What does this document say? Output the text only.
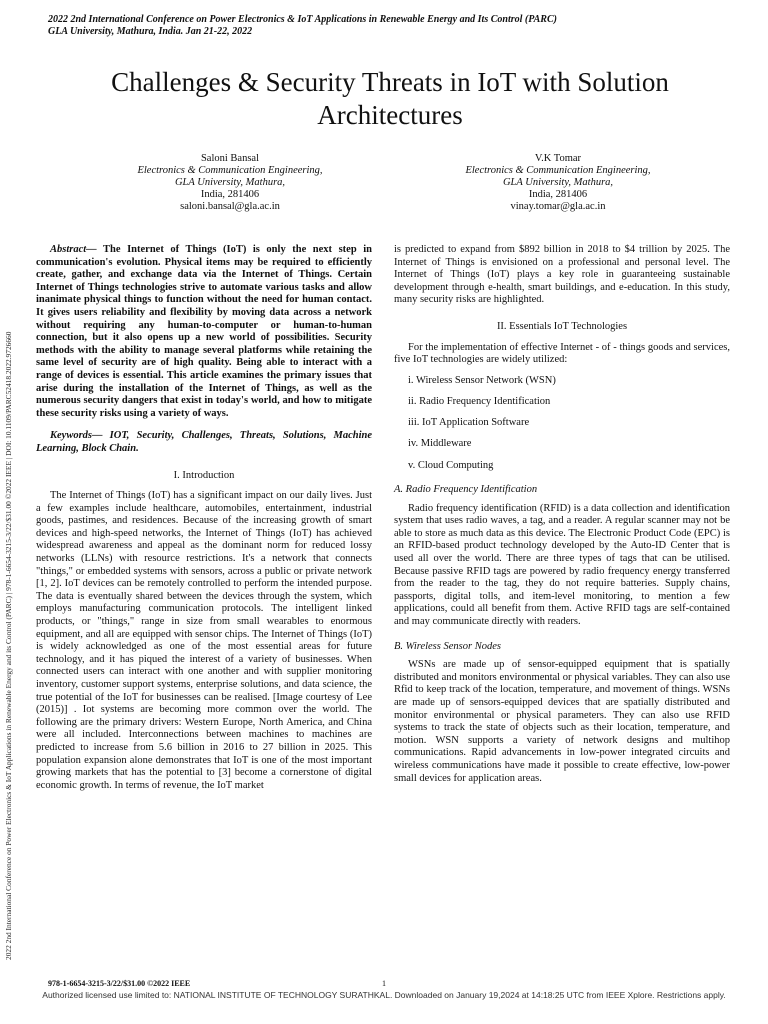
2022 2nd International Conference on Power Electronics & IoT Applications in Renewable Energy and Its Control (PARC)
GLA University, Mathura, India. Jan 21-22, 2022
2022 2nd International Conference on Power Electronics & IoT Applications in Renewable Energy and its Control (PARC) | 978-1-6654-3215-3/22/$31.00 ©2022 IEEE | DOI: 10.1109/PARC52418.2022.9726660
Challenges & Security Threats in IoT with Solution
Architectures
Saloni Bansal
Electronics & Communication Engineering,
GLA University, Mathura,
India, 281406
saloni.bansal@gla.ac.in
V.K Tomar
Electronics & Communication Engineering,
GLA University, Mathura,
India, 281406
vinay.tomar@gla.ac.in

Abstract— The Internet of Things (IoT) is only the next step in communication's evolution. Physical items may be required to efficiently create, gather, and exchange data via the Internet of Things. Certain Internet of Things technologies strive to automate various tasks and allow inanimate physical things to function without the need for human contact. It gives users reliability and flexibility by moving data across a network without requiring any human-to-computer or human-to-human connection, but it also opens up a new world of possibilities. Security methods with the ability to manage several platforms while retaining the same level of security are of high quality. Being able to interact with a range of devices is essential. This article examines the primary issues that arise during the installation of the Internet of Things, as well as the numerous security dangers that exist in today's world, and how to mitigate these security risks using a variety of ways.

Keywords— IOT, Security, Challenges, Threats, Solutions, Machine Learning, Block Chain.

I. Introduction

The Internet of Things (IoT) has a significant impact on our daily lives. Just a few examples include healthcare, automobiles, entertainment, industrial goods, pastimes, and residences. Because of the increasing growth of smart devices and high-speed networks, the Internet of Things (IoT) has achieved widespread awareness and appeal as the dominant norm for reduced lossy networks (LLNs) with resource restrictions. It's a network that connects "things," or embedded systems with sensors, across a public or private network [1, 2]. IoT devices can be remotely controlled to perform the intended purpose. The data is eventually shared between the devices through the system, which employs manufacturing communication protocols. The intelligent linked products, or "things," range in size from small wearables to enormous equipment, and all are equipped with sensor chips. The Internet of Things (IoT) is widely acknowledged as one of the most essential areas for future technology, and it has piqued the interest of a variety of businesses. When connected users can interact with one another and with supplier monitoring inventory, customer support systems, enterprise solutions, and data science, the true potential of the IoT for businesses can be realised. [Image courtesy of Lee (2015)] . Iot systems are becoming more common over the world. The following are the primary drivers: Western Europe, North America, and China were all included. Interconnections between machines to machines are predicted to increase from 5.6 billion in 2016 to 27 billion in 2025. This population expansion alone demonstrates that IoT is one of the most important growing markets that has the potential to [3] become a cornerstone of digital economic growth. In terms of revenue, the IoT market

is predicted to expand from $892 billion in 2018 to $4 trillion by 2025. The Internet of Things is envisioned on a professional and personal level. The Internet of Things (IoT) plays a key role in guaranteeing sustainable development through e-health, smart buildings, and e-education. In this study, many security risks are highlighted.

II. Essentials IoT Technologies

For the implementation of effective Internet - of - things goods and services, five IoT technologies are widely utilized:

i. Wireless Sensor Network (WSN)
ii. Radio Frequency Identification
iii. IoT Application Software
iv. Middleware
v. Cloud Computing
A. Radio Frequency Identification

Radio frequency identification (RFID) is a data collection and identification system that uses radio waves, a tag, and a reader. A regular scanner may not be able to store as much data as this device. The Electronic Product Code (EPC) is an RFID-based product technology developed by the Auto-ID Center that is used all over the world. There are three types of tags that can be utilised. Because passive RFID tags are powered by radio frequency energy transferred from the reader to the tag, they do not require batteries. Supply chains, passports, digital tolls, and item-level monitoring, to mention a few applications, could all benefit from them. Active RFID tags are self-contained and may communicate directly with readers.

B. Wireless Sensor Nodes

WSNs are made up of sensor-equipped equipment that is spatially distributed and monitors environmental or physical variables. They can also use Rfid to keep track of the location, temperature, and movement of things. WSNs are made up of sensors-equipped devices that are spatially distributed and monitor environmental or physical parameters. They can also use RFID systems to track the state of objects such as their location, temperature, and motion. WSN supports a variety of network designs and multihop communications. Rapid advancements in low-power integrated circuits and wireless communications have made it possible to create effective, low-power small devices for application areas.

978-1-6654-3215-3/22/$31.00 ©2022 IEEE	1
Authorized licensed use limited to: NATIONAL INSTITUTE OF TECHNOLOGY SURATHKAL. Downloaded on January 19,2024 at 14:18:25 UTC from IEEE Xplore. Restrictions apply.
